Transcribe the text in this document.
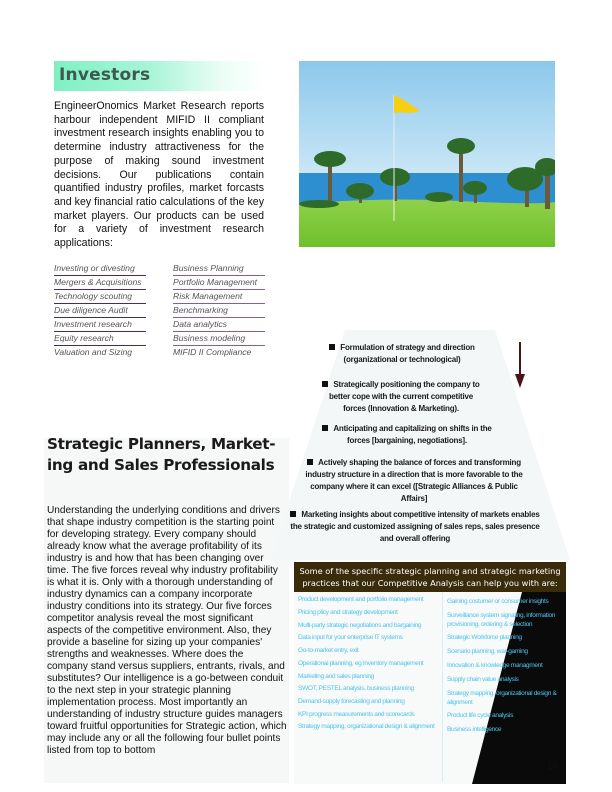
Investors

EngineerOnomics Market Research reports harbour independent MIFID II compliant investment research insights enabling you to determine industry attractiveness for the purpose of making sound investment decisions. Our publications contain quantified industry profiles, market forcasts and key financial ratio calculations of the key market players. Our products can be used for a variety of investment research applications:

Investing or divesting
Mergers & Acquisitions
Technology scouting
Due diligence Audit
Investment research
Equity research
Valuation and Sizing
Business Planning
Portfolio Management
Risk Management
Benchmarking
Data analytics
Business modeling
MIFID II Compliance
Strategic Planners, Market-
ing and Sales Professionals

Understanding the underlying conditions and drivers that shape industry competition is the starting point for developing strategy. Every company should already know what the average profitability of its industry is and how that has been changing over time. The five forces reveal why industry profitability is what it is. Only with a thorough understanding of industry dynamics can a company incorporate industry conditions into its strategy. Our five forces competitor analysis reveal the most significant aspects of the competitive environment. Also, they provide a baseline for sizing up your companies' strengths and weaknesses. Where does the company stand versus suppliers, entrants, rivals, and substitutes? Our intelligence is a go-between conduit to the next step in your strategic planning implementation process. Most importantly an understanding of industry structure guides managers toward fruitful opportunities for Strategic action, which may include any or all the following four bullet points listed from top to bottom

Formulation of strategy and direction (organizational or technological)
Strategically positioning the company to better cope with the current competitive forces (Innovation & Marketing).
Anticipating and capitalizing on shifts in the forces [bargaining, negotiations].
Actively shaping the balance of forces and transforming industry structure in a direction that is more favorable to the company where it can excel ([Strategic Alliances & Public Affairs]
Marketing insights about competitive intensity of markets enables the strategic and customized assigning of sales reps, sales presence and overall offering
Some of the specific strategic planning and strategic marketing practices that our Competitive Analysis can help you with are:
Product development and portfolio management
Pricing plicy and strategy development
Multi-party strategic negotiations and bargaining
Data input for your enterprise IT systems
Go-to-market entry, exit
Operational planning, eg Inventory management
Marketing and sales planning
SWOT, PESTEL analysis, business planning
Demand-supply forecasting and planning
KPI progress measurements and scorecards
Strategy mapping, organizational design & alignment
Gaining costumer or consumer insights
Surveillance system signaling, information provisioning, ordering & selection
Strategic Workforce planning
Scenario planning, war-gaming
Innovation & knowledge managment
Supply chain value analysis
Strategy mapping, organizational design & alignment
Product life cycle analysis
Business intelligence
10
